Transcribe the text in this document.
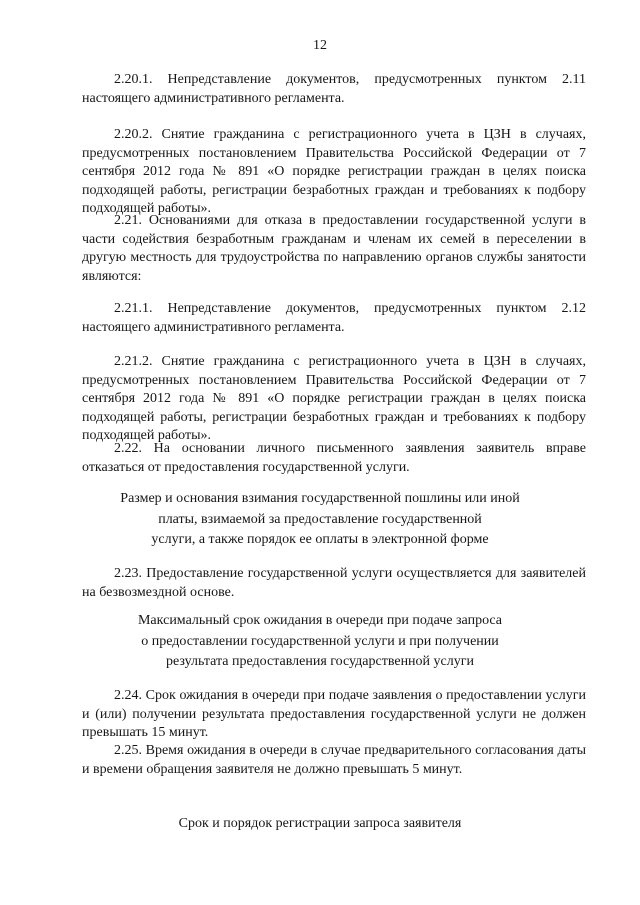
12

2.20.1. Непредставление документов, предусмотренных пунктом 2.11 настоящего административного регламента.

2.20.2. Снятие гражданина с регистрационного учета в ЦЗН в случаях, предусмотренных постановлением Правительства Российской Федерации от 7 сентября 2012 года № 891 «О порядке регистрации граждан в целях поиска подходящей работы, регистрации безработных граждан и требованиях к подбору подходящей работы».

2.21. Основаниями для отказа в предоставлении государственной услуги в части содействия безработным гражданам и членам их семей в переселении в другую местность для трудоустройства по направлению органов службы занятости являются:

2.21.1. Непредставление документов, предусмотренных пунктом 2.12 настоящего административного регламента.

2.21.2. Снятие гражданина с регистрационного учета в ЦЗН в случаях, предусмотренных постановлением Правительства Российской Федерации от 7 сентября 2012 года № 891 «О порядке регистрации граждан в целях поиска подходящей работы, регистрации безработных граждан и требованиях к подбору подходящей работы».

2.22. На основании личного письменного заявления заявитель вправе отказаться от предоставления государственной услуги.

Размер и основания взимания государственной пошлины или иной
платы, взимаемой за предоставление государственной
услуги, а также порядок ее оплаты в электронной форме

2.23. Предоставление государственной услуги осуществляется для заявителей на безвозмездной основе.

Максимальный срок ожидания в очереди при подаче запроса
о предоставлении государственной услуги и при получении
результата предоставления государственной услуги

2.24. Срок ожидания в очереди при подаче заявления о предоставлении услуги и (или) получении результата предоставления государственной услуги не должен превышать 15 минут.

2.25. Время ожидания в очереди в случае предварительного согласования даты и времени обращения заявителя не должно превышать 5 минут.

Срок и порядок регистрации запроса заявителя
